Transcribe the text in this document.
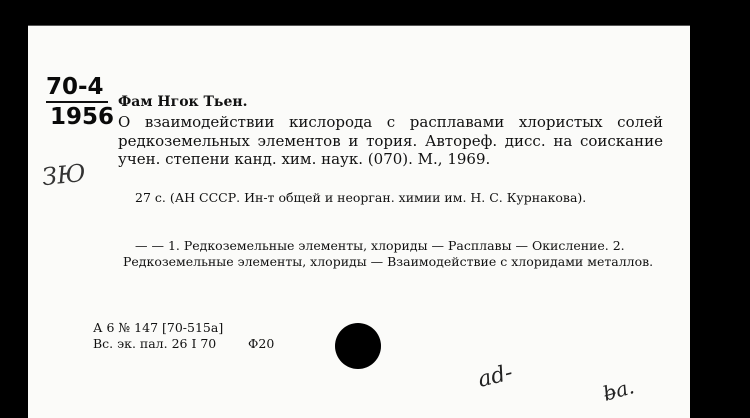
70-4
1956
ЗЮ
Фам Нгок Тьен.
О взаимодействии кислорода с расплавами хлористых солей редкоземельных элементов и тория. Автореф. дисс. на соискание учен. степени канд. хим. наук. (070). М., 1969.
27 с. (АН СССР. Ин-т общей и неорган. химии им. Н. С. Курнакова).
— — 1. Редкоземельные элементы, хлориды — Расплавы — Окисление. 2. Редкоземельные элементы, хлориды — Взаимодействие с хлоридами металлов.
А 6 № 147 [70-515а]
Вс. эк. пал. 26 I 70        Ф20
ad-	b̶a.
